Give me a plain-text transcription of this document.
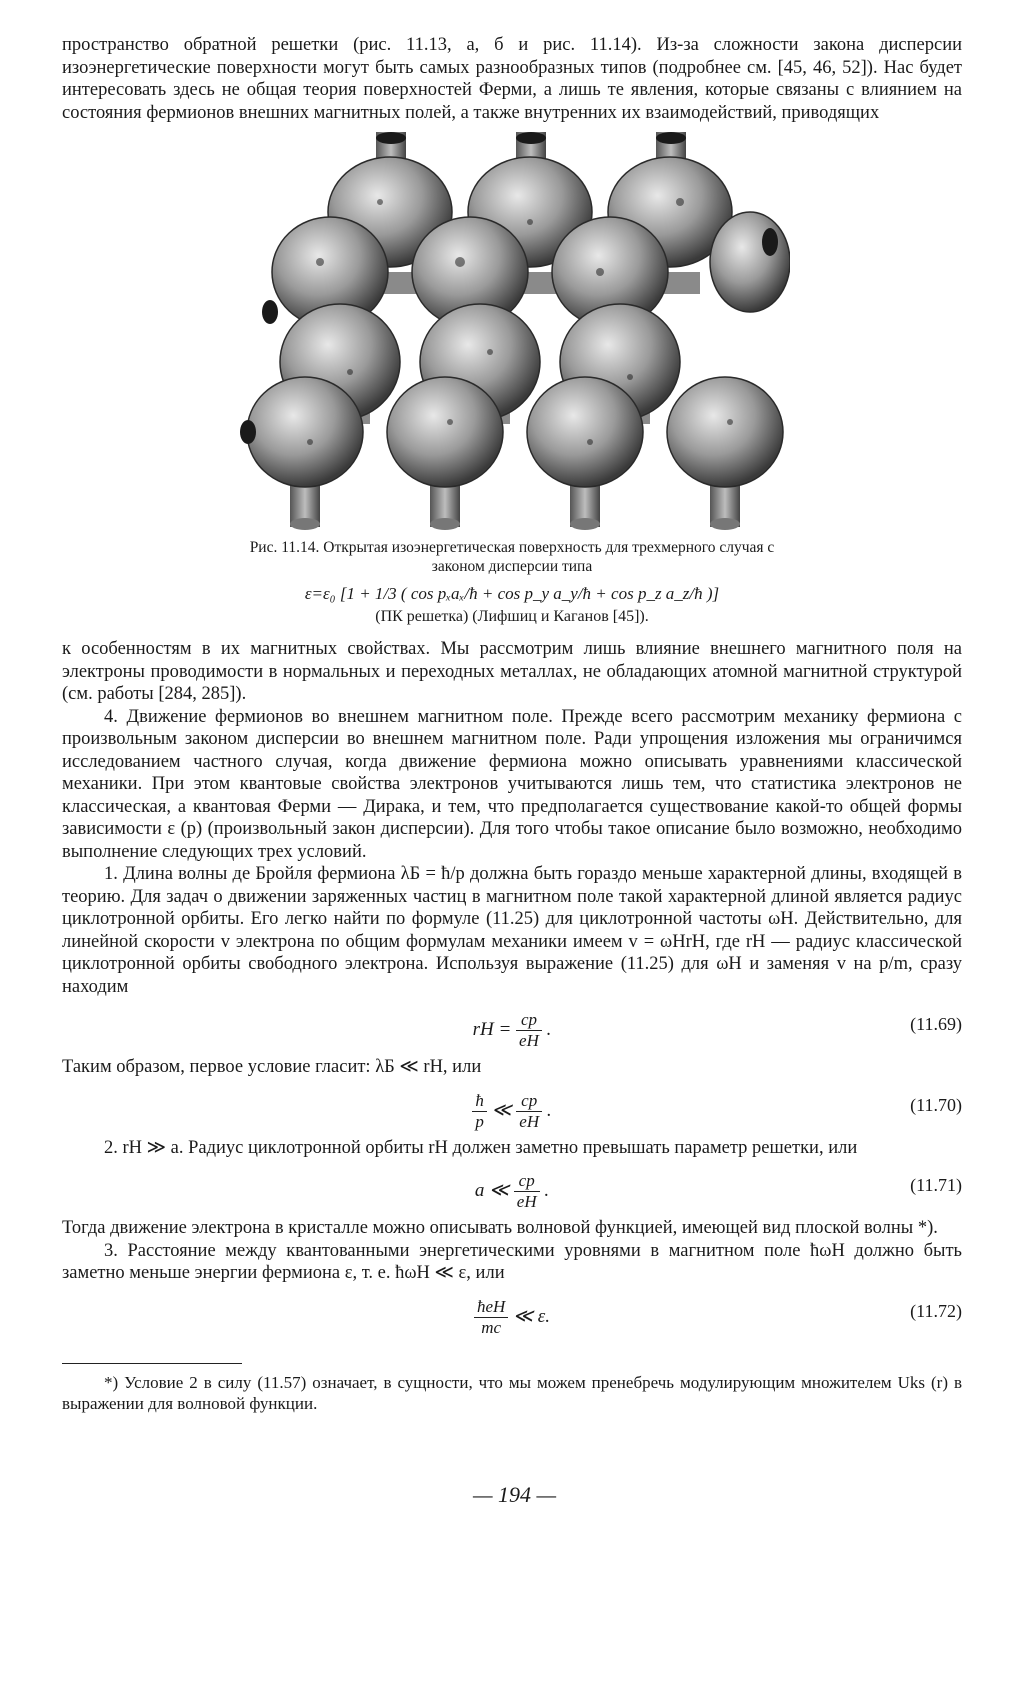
пространство обратной решетки (рис. 11.13, а, б и рис. 11.14). Из-за сложности закона дисперсии изоэнергетические поверхности могут быть самых разнообразных типов (подробнее см. [45, 46, 52]). Нас будет интересовать здесь не общая теория поверхностей Ферми, а лишь те явления, которые связаны с влиянием на состояния фермионов внешних магнитных полей, а также внутренних их взаимодействий, приводящих

Рис. 11.14. Открытая изоэнергетическая поверхность для трехмерного случая с законом дисперсии типа
ε=ε₀ [1 + 1/3 ( cos pₓaₓ/ħ + cos p_y a_y/ħ + cos p_z a_z/ħ )]
(ПК решетка) (Лифшиц и Каганов [45]).

к особенностям в их магнитных свойствах. Мы рассмотрим лишь влияние внешнего магнитного поля на электроны проводимости в нормальных и переходных металлах, не обладающих атомной магнитной структурой (см. работы [284, 285]).

4. Движение фермионов во внешнем магнитном поле. Прежде всего рассмотрим механику фермиона с произвольным законом дисперсии во внешнем магнитном поле. Ради упрощения изложения мы ограничимся исследованием частного случая, когда движение фермиона можно описывать уравнениями классической механики. При этом квантовые свойства электронов учитываются лишь тем, что статистика электронов не классическая, а квантовая Ферми — Дирака, и тем, что предполагается существование какой-то общей формы зависимости ε (p) (произвольный закон дисперсии). Для того чтобы такое описание было возможно, необходимо выполнение следующих трех условий.

1. Длина волны де Бройля фермиона λБ = ħ/p должна быть гораздо меньше характерной длины, входящей в теорию. Для задач о движении заряженных частиц в магнитном поле такой характерной длиной является радиус циклотронной орбиты. Его легко найти по формуле (11.25) для циклотронной частоты ωH. Действительно, для линейной скорости v электрона по общим формулам механики имеем v = ωHrH, где rH — радиус классической циклотронной орбиты свободного электрона. Используя выражение (11.25) для ωH и заменяя v на p/m, сразу находим

rH = $\frac{cp}{eH}$ .	(11.69)

Таким образом, первое условие гласит: λБ ≪ rH, или

$\frac{ħ}{p}$ ≪ $\frac{cp}{eH}$ .	(11.70)

2. rH ≫ a. Радиус циклотронной орбиты rH должен заметно превышать параметр решетки, или

a ≪ $\frac{cp}{eH}$ .	(11.71)

Тогда движение электрона в кристалле можно описывать волновой функцией, имеющей вид плоской волны *).

3. Расстояние между квантованными энергетическими уровнями в магнитном поле ħωH должно быть заметно меньше энергии фермиона ε, т. е. ħωH ≪ ε, или

$\frac{\text{ħeH}}{mc}$ ≪ ε.	(11.72)

*) Условие 2 в силу (11.57) означает, в сущности, что мы можем пренебречь модулирующим множителем Uks (r) в выражении для волновой функции.

— 194 —
